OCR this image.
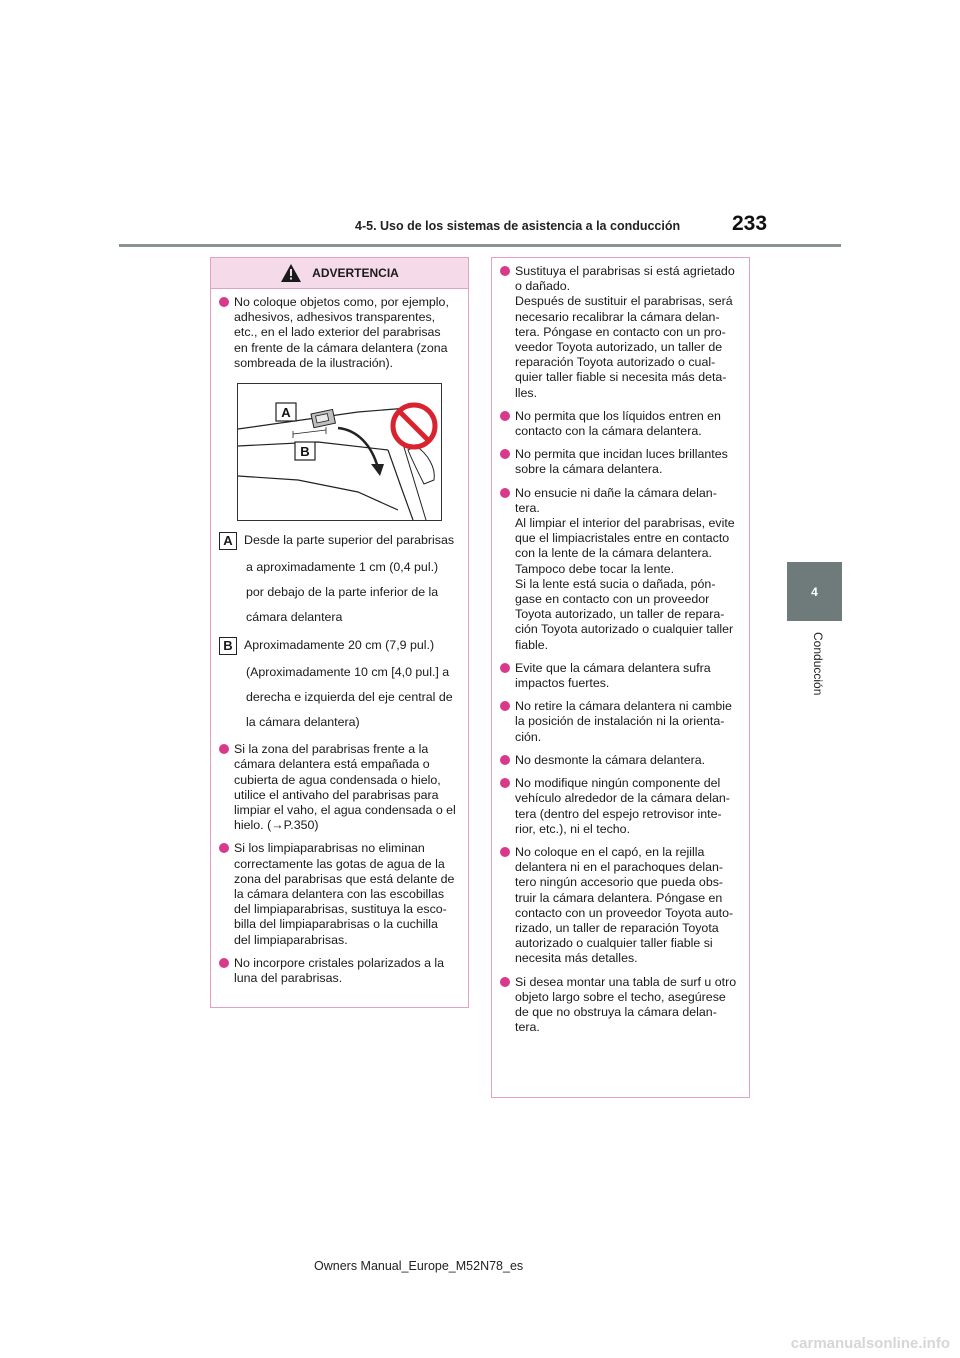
4-5. Uso de los sistemas de asistencia a la conducción 233
4
Conducción
ADVERTENCIA
No coloque objetos como, por ejemplo,
adhesivos, adhesivos transparentes,
etc., en el lado exterior del parabrisas
en frente de la cámara delantera (zona
sombreada de la ilustración).
A
B
A Desde la parte superior del parabrisas
a aproximadamente 1 cm (0,4 pul.)
por debajo de la parte inferior de la
cámara delantera
B Aproximadamente 20 cm (7,9 pul.)
(Aproximadamente 10 cm [4,0 pul.] a
derecha e izquierda del eje central de
la cámara delantera)
Si la zona del parabrisas frente a la
cámara delantera está empañada o
cubierta de agua condensada o hielo,
utilice el antivaho del parabrisas para
limpiar el vaho, el agua condensada o el
hielo. (→P.350)
Si los limpiaparabrisas no eliminan
correctamente las gotas de agua de la
zona del parabrisas que está delante de
la cámara delantera con las escobillas
del limpiaparabrisas, sustituya la esco-
billa del limpiaparabrisas o la cuchilla
del limpiaparabrisas.
No incorpore cristales polarizados a la
luna del parabrisas.
Sustituya el parabrisas si está agrietado
o dañado.
Después de sustituir el parabrisas, será
necesario recalibrar la cámara delan-
tera. Póngase en contacto con un pro-
veedor Toyota autorizado, un taller de
reparación Toyota autorizado o cual-
quier taller fiable si necesita más deta-
lles.
No permita que los líquidos entren en
contacto con la cámara delantera.
No permita que incidan luces brillantes
sobre la cámara delantera.
No ensucie ni dañe la cámara delan-
tera.
Al limpiar el interior del parabrisas, evite
que el limpiacristales entre en contacto
con la lente de la cámara delantera.
Tampoco debe tocar la lente.
Si la lente está sucia o dañada, pón-
gase en contacto con un proveedor
Toyota autorizado, un taller de repara-
ción Toyota autorizado o cualquier taller
fiable.
Evite que la cámara delantera sufra
impactos fuertes.
No retire la cámara delantera ni cambie
la posición de instalación ni la orienta-
ción.
No desmonte la cámara delantera.
No modifique ningún componente del
vehículo alrededor de la cámara delan-
tera (dentro del espejo retrovisor inte-
rior, etc.), ni el techo.
No coloque en el capó, en la rejilla
delantera ni en el parachoques delan-
tero ningún accesorio que pueda obs-
truir la cámara delantera. Póngase en
contacto con un proveedor Toyota auto-
rizado, un taller de reparación Toyota
autorizado o cualquier taller fiable si
necesita más detalles.
Si desea montar una tabla de surf u otro
objeto largo sobre el techo, asegúrese
de que no obstruya la cámara delan-
tera.
Owners Manual_Europe_M52N78_es
carmanualsonline.info
